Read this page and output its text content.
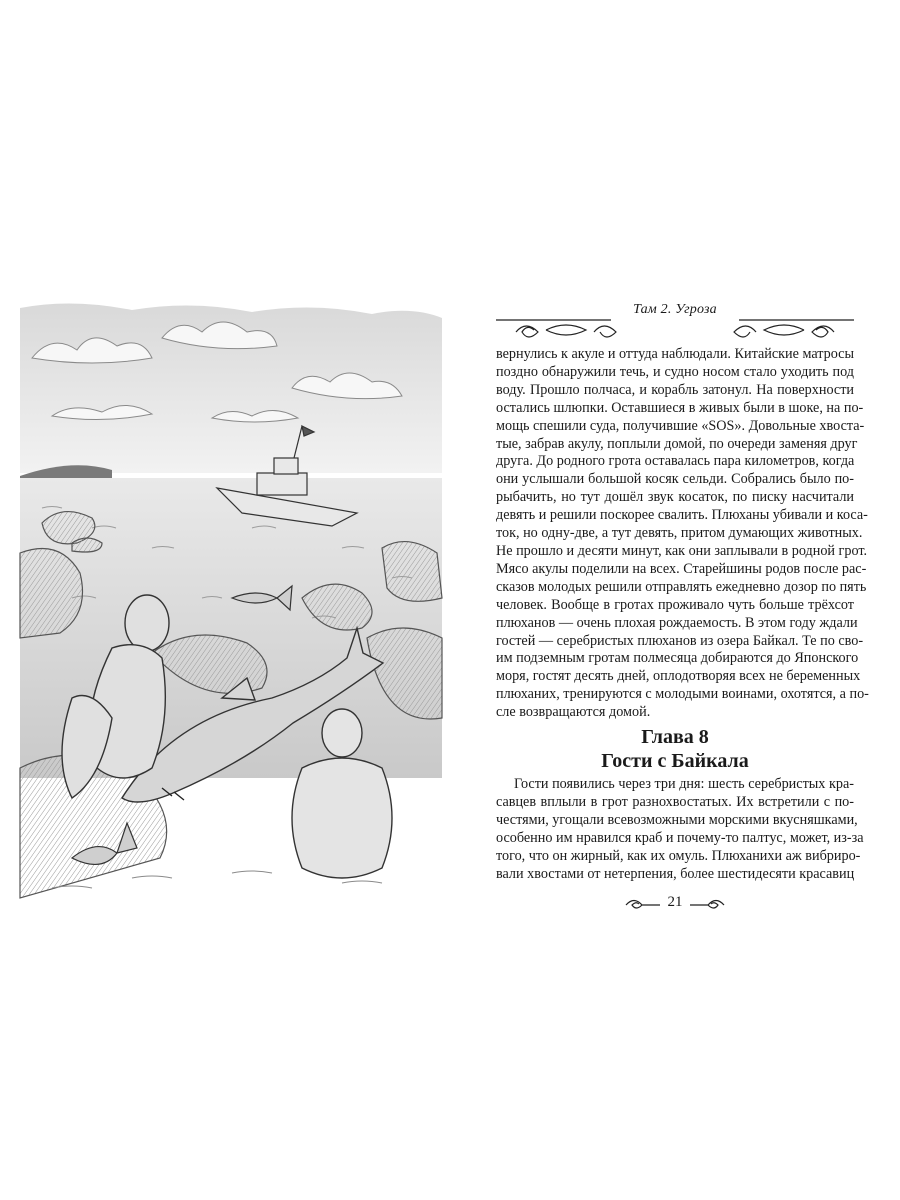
Там 2. Угроза

вернулись к акуле и оттуда наблюдали. Китайские матросы
поздно обнаружили течь, и судно носом стало уходить под
воду. Прошло полчаса, и корабль затонул. На поверхности
остались шлюпки. Оставшиеся в живых были в шоке, на по-
мощь спешили суда, получившие «SOS». Довольные хвоста-
тые, забрав акулу, поплыли домой, по очереди заменяя друг
друга. До родного грота оставалась пара километров, когда
они услышали большой косяк сельди. Собрались было по-
рыбачить, но тут дошёл звук косаток, по писку насчитали
девять и решили поскорее свалить. Плюханы убивали и коса-
ток, но одну-две, а тут девять, притом думающих животных.
Не прошло и десяти минут, как они заплывали в родной грот.
Мясо акулы поделили на всех. Старейшины родов после рас-
сказов молодых решили отправлять ежедневно дозор по пять
человек. Вообще в гротах проживало чуть больше трёхсот
плюханов — очень плохая рождаемость. В этом году ждали
гостей — серебристых плюханов из озера Байкал. Те по сво-
им подземным гротам полмесяца добираются до Японского
моря, гостят десять дней, оплодотворяя всех не беременных
плюханих, тренируются с молодыми воинами, охотятся, а по-
сле возвращаются домой.

Глава 8
Гости с Байкала

Гости появились через три дня: шесть серебристых кра-
савцев вплыли в грот разнохвостатых. Их встретили с по-
честями, угощали всевозможными морскими вкусняшками,
особенно им нравился краб и почему-то палтус, может, из-за
того, что он жирный, как их омуль. Плюханихи аж вибриро-
вали хвостами от нетерпения, более шестидесяти красавиц

21
